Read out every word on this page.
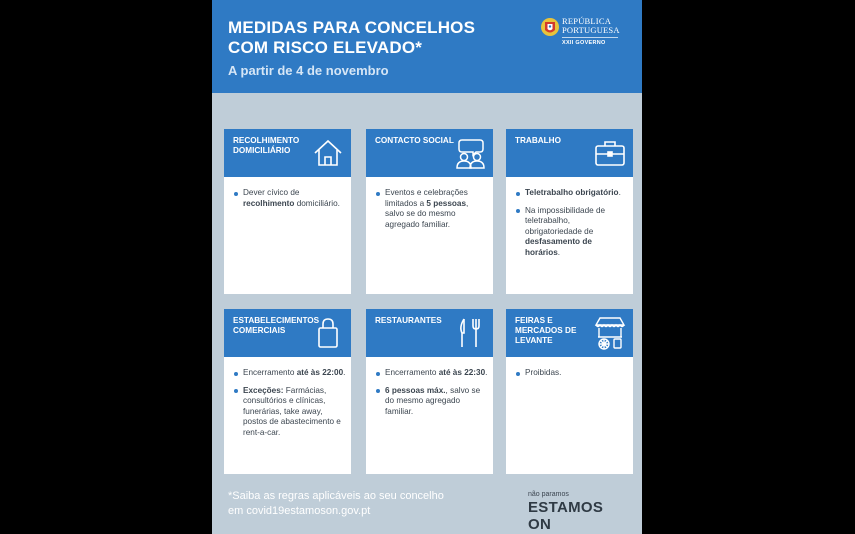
MEDIDAS PARA CONCELHOS
COM RISCO ELEVADO*
A partir de 4 de novembro
REPÚBLICA
PORTUGUESA
XXII GOVERNO
RECOLHIMENTO DOMICILIÁRIO
Dever cívico de recolhimento domiciliário.
CONTACTO SOCIAL
Eventos e celebrações limitados a 5 pessoas, salvo se do mesmo agregado familiar.
TRABALHO
Teletrabalho obrigatório.
Na impossibilidade de teletrabalho, obrigatoriedade de desfasamento de horários.
ESTABELECIMENTOS COMERCIAIS
Encerramento até às 22:00.
Exceções: Farmácias, consultórios e clínicas, funerárias, take away, postos de abastecimento e rent-a-car.
RESTAURANTES
Encerramento até às 22:30.
6 pessoas máx., salvo se do mesmo agregado familiar.
FEIRAS E MERCADOS DE LEVANTE
Proibidas.
*Saiba as regras aplicáveis ao seu concelho
em covid19estamoson.gov.pt
não paramos
ESTAMOS ON
